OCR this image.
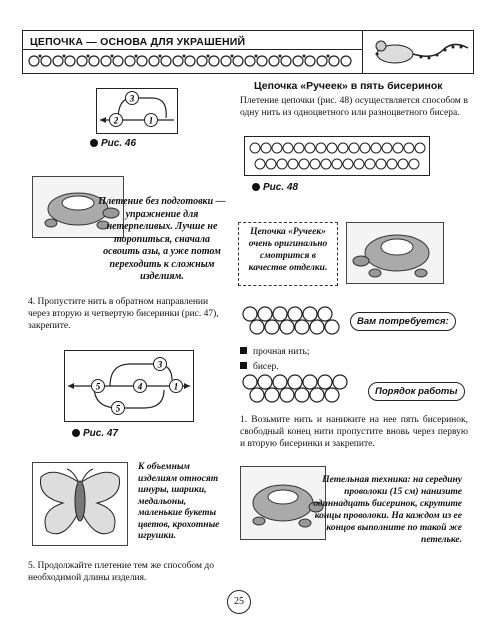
ЦЕПОЧКА — ОСНОВА ДЛЯ УКРАШЕНИЙ
3
2	1
Рис. 46
Цепочка «Ручеек» в пять бисеринок
Плетение цепочки (рис. 48) осуществляется способом в одну нить из одноцветного или разноцветного бисера.
Рис. 48
Плетение без подготовки — упражнение для нетерпеливых. Лучше не торопиться, сначала освоить азы, а уже потом переходить к сложным изделиям.
Цепочка «Ручеек» очень оригинально смотрится в качестве отделки.
4. Пропустите нить в обратном направлении через вторую и четвертую бисеринки (рис. 47), закрепите.	Вам потребуется:
прочная нить;
бисер.
3
5	4	1
5
Рис. 47
Порядок работы
1. Возьмите нить и нанижите на нее пять бисеринок, свободный конец нити пропустите вновь через первую и вторую бисеринки и закрепите.
К объемным изделиям относят шнуры, шарики, медальоны, маленькие букеты цветов, крохотные игрушки.
Петельная техника: на середину проволоки (15 см) нанизите одиннадцать бисеринок, скрутите концы проволоки. На каждом из ее концов выполните по такой же петельке.
5. Продолжайте плетение тем же способом до необходимой длины изделия.
25
